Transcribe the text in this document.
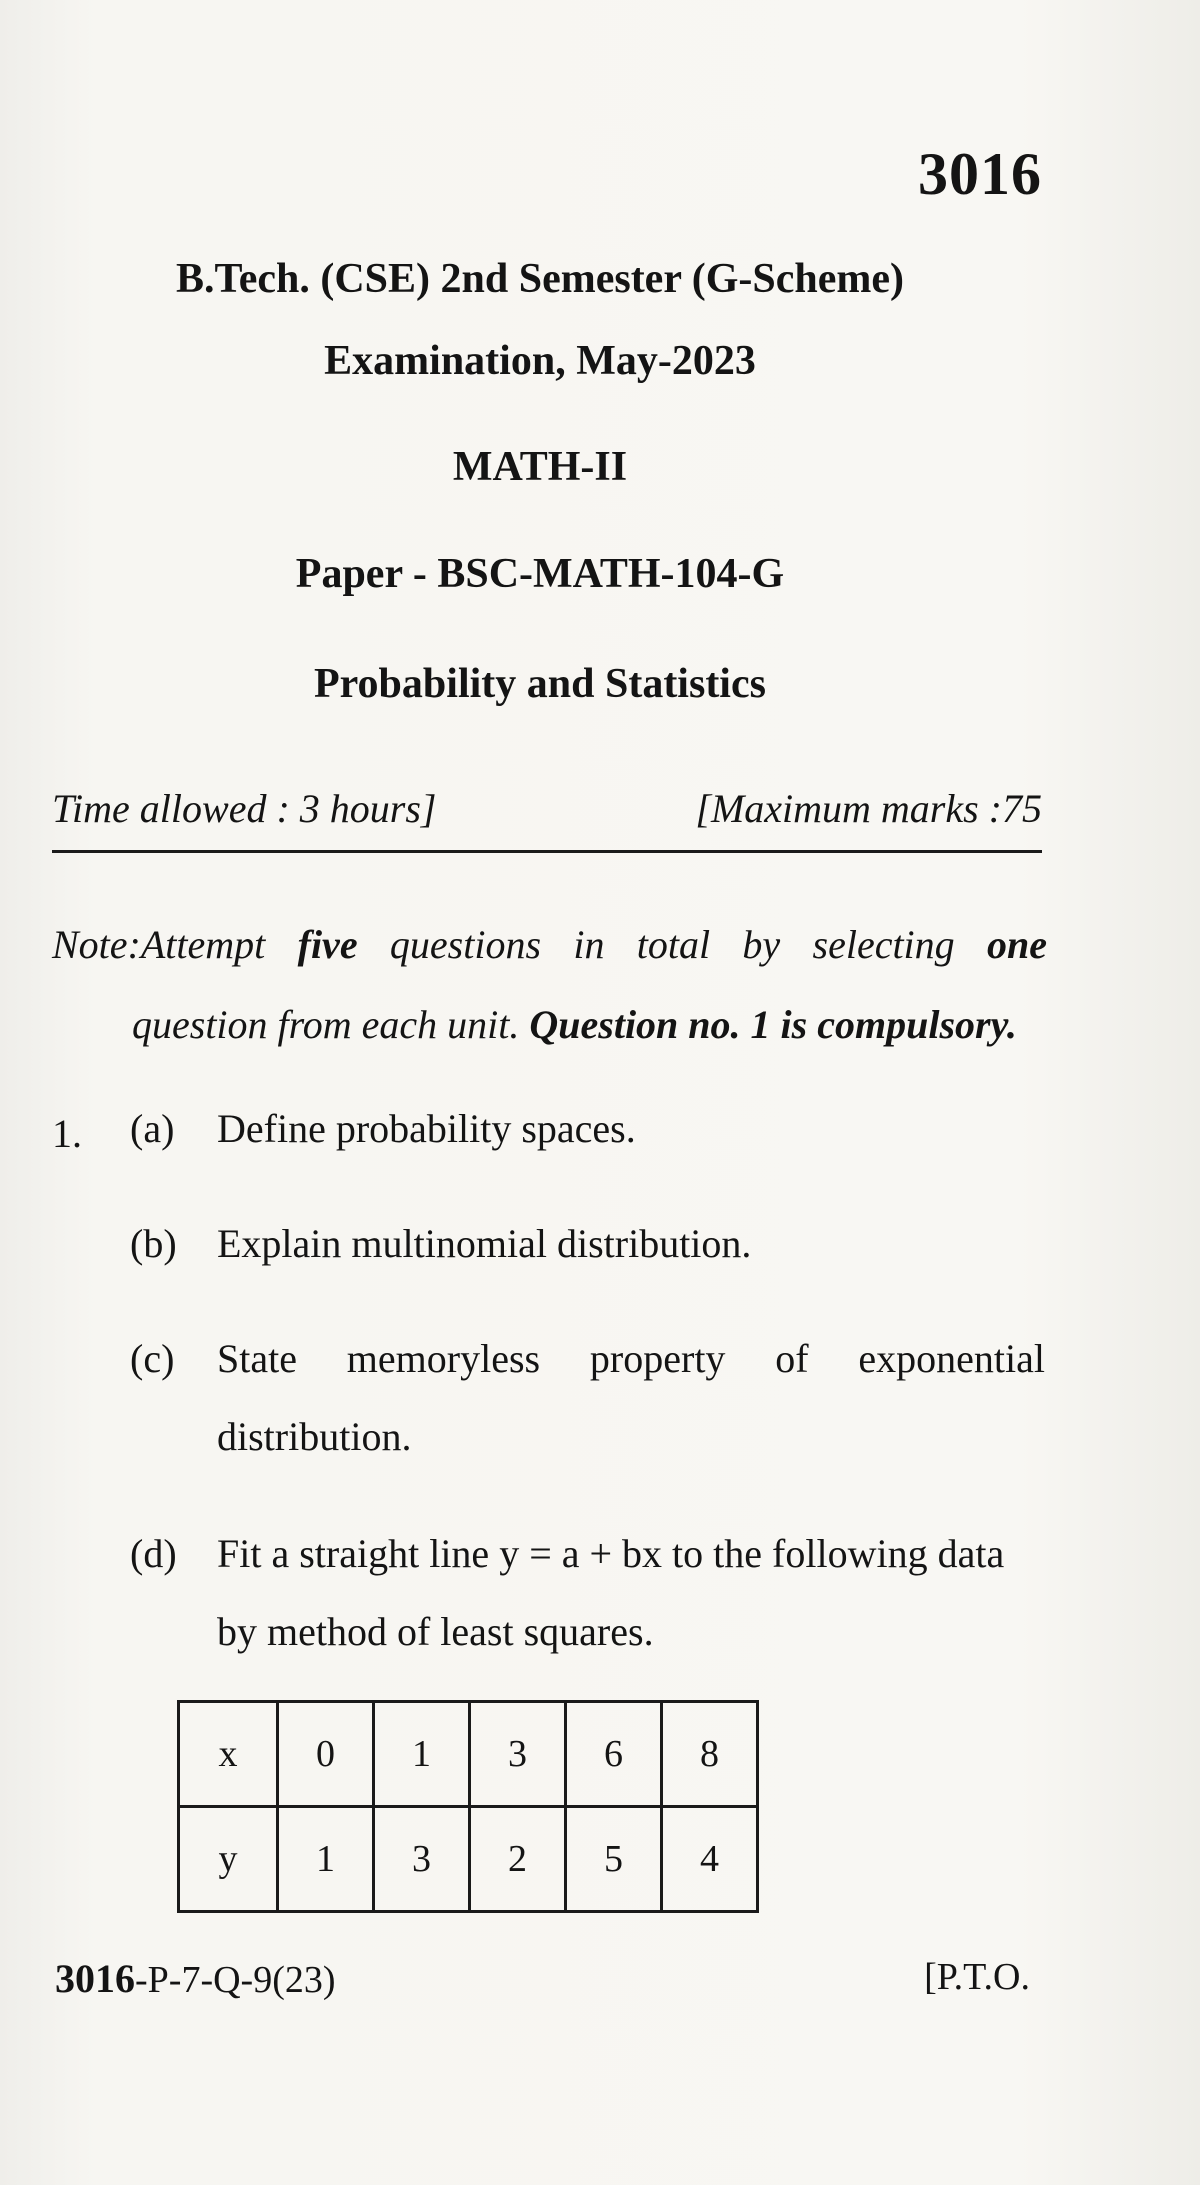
3016
B.Tech. (CSE) 2nd Semester (G-Scheme)
Examination, May-2023
MATH-II
Paper - BSC-MATH-104-G
Probability and Statistics
Time allowed : 3 hours]	[Maximum marks :75
Note:Attempt five questions in total by selecting one
question from each unit. Question no. 1 is compulsory.
1. (a) Define probability spaces.
(b) Explain multinomial distribution.
(c) State memoryless property of exponential distribution.
(d) Fit a straight line y = a + bx to the following data by method of least squares.
x	0	1	3	6	8
y	1	3	2	5	4
3016-P-7-Q-9(23)	[P.T.O.
